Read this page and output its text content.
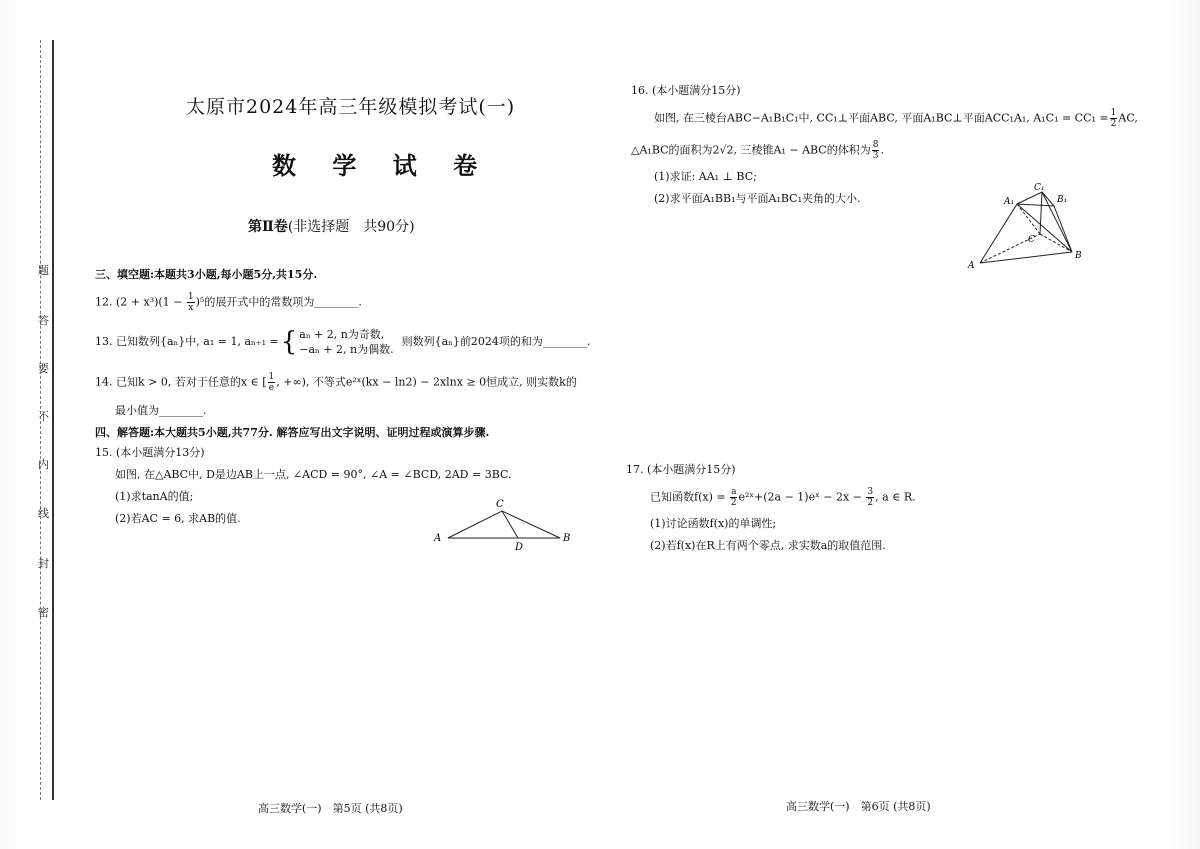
题
答
要
不
内
线
封
密
太原市2024年高三年级模拟考试(一)
数 学 试 卷
第Ⅱ卷(非选择题　共90分)
三、填空题:本题共3小题,每小题5分,共15分.
12. $(2 + x^3)(1 - \frac{1}{x} )^5$的展开式中的常数项为________.
13. 已知数列{aₙ}中, a₁ = 1, aₙ₊₁ = { aₙ + 2, n为奇数,
−aₙ + 2, n为偶数.
则数列{aₙ}前2024项的和为________.
14. 已知k > 0, 若对于任意的x ∈ [ $\frac{1}{e}$ , +∞), 不等式e²ˣ(kx − ln2) − 2xlnx ≥ 0恒成立, 则实数k的
最小值为________.
四、解答题:本大题共5小题,共77分. 解答应写出文字说明、证明过程或演算步骤.
15. (本小题满分13分)
如图, 在△ABC中, D是边AB上一点, ∠ACD = 90°, ∠A = ∠BCD, 2AD = 3BC.
(1)求tanA的值;
(2)若AC = 6, 求AB的值.
A
C
D
B
高三数学(一)　第5页 (共8页)
16. (本小题满分15分)
如图, 在三棱台ABC−A₁B₁C₁中, CC₁⊥平面ABC, 平面A₁BC⊥平面ACC₁A₁, $A_1C_1 = CC_1 = \frac{1}{2}$ AC,
△A₁BC的面积为2√2, 三棱锥A₁ − ABC的体积为 $\frac{8}{3}$ .
(1)求证: AA₁ ⊥ BC;
(2)求平面A₁BB₁与平面A₁BC₁夹角的大小.	A₁
C₁
B₁
C
A
B
17. (本小题满分15分)
已知函数$f(x) = \frac{a}{2}$ e²ˣ+(2a − 1)eˣ − $2x - \frac{3}{2}$ , a ∈ R.
(1)讨论函数f(x)的单调性;
(2)若f(x)在R上有两个零点, 求实数a的取值范围.
高三数学(一)　第6页 (共8页)
